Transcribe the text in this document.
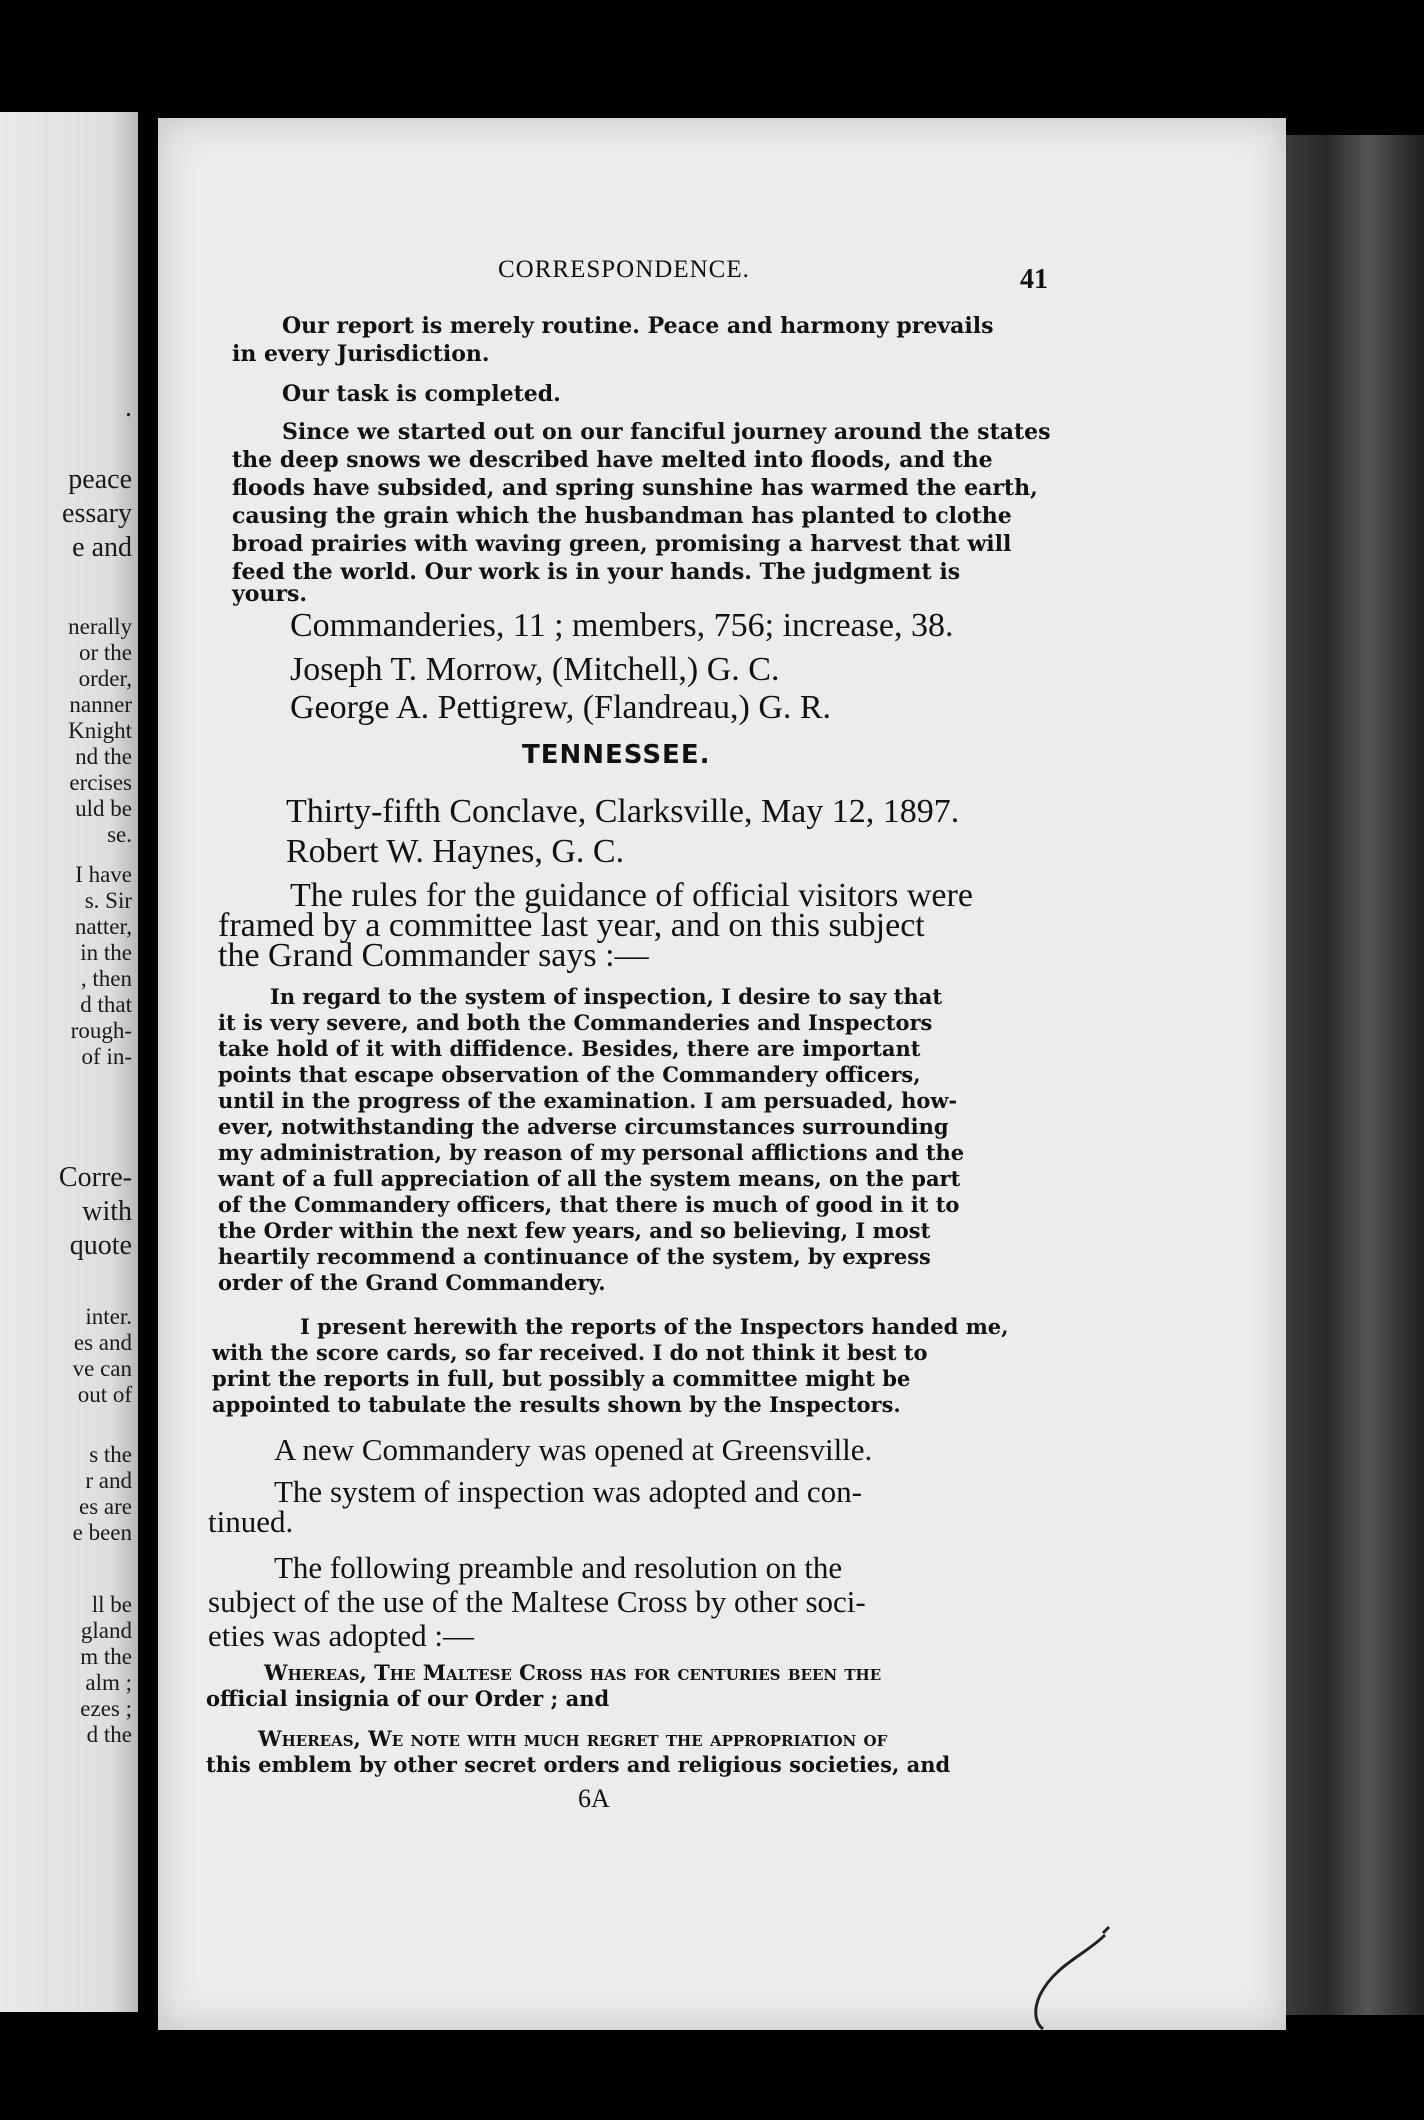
.
peace
essary
e and
nerally
or the
order,
nanner
Knight
nd the
ercises
uld be
se.
I have
s. Sir
natter,
in the
, then
d that
rough-
of in-
Corre-
with
quote
inter.
es and
ve can
out of
s the
r and
es are
e been
ll be
gland
m the
alm ;
ezes ;
d the
CORRESPONDENCE.	41
Our report is merely routine. Peace and harmony prevails
in every Jurisdiction.
Our task is completed.
Since we started out on our fanciful journey around the states
the deep snows we described have melted into floods, and the
floods have subsided, and spring sunshine has warmed the earth,
causing the grain which the husbandman has planted to clothe
broad prairies with waving green, promising a harvest that will
feed the world. Our work is in your hands. The judgment is
yours.
Commanderies, 11 ; members, 756; increase, 38.
Joseph T. Morrow, (Mitchell,) G. C.
George A. Pettigrew, (Flandreau,) G. R.
TENNESSEE.
Thirty-fifth Conclave, Clarksville, May 12, 1897.
Robert W. Haynes, G. C.
The rules for the guidance of official visitors were
framed by a committee last year, and on this subject
the Grand Commander says :—
In regard to the system of inspection, I desire to say that
it is very severe, and both the Commanderies and Inspectors
take hold of it with diffidence. Besides, there are important
points that escape observation of the Commandery officers,
until in the progress of the examination. I am persuaded, how-
ever, notwithstanding the adverse circumstances surrounding
my administration, by reason of my personal afflictions and the
want of a full appreciation of all the system means, on the part
of the Commandery officers, that there is much of good in it to
the Order within the next few years, and so believing, I most
heartily recommend a continuance of the system, by express
order of the Grand Commandery.
I present herewith the reports of the Inspectors handed me,
with the score cards, so far received. I do not think it best to
print the reports in full, but possibly a committee might be
appointed to tabulate the results shown by the Inspectors.
A new Commandery was opened at Greensville.
The system of inspection was adopted and con-
tinued.
The following preamble and resolution on the
subject of the use of the Maltese Cross by other soci-
eties was adopted :—
Whereas, The Maltese Cross has for centuries been the
official insignia of our Order ; and
Whereas, We note with much regret the appropriation of
this emblem by other secret orders and religious societies, and
6A
